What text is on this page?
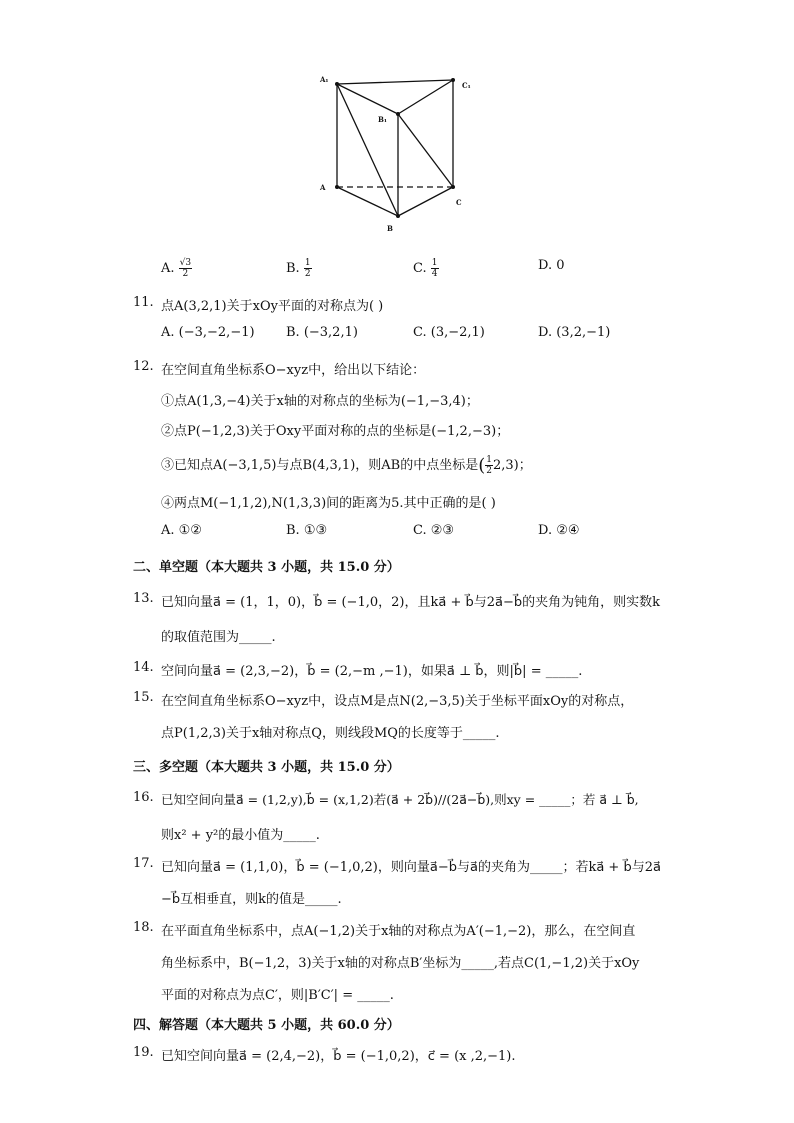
A₁
C₁
B₁
A
C
B
A. $\frac{√3}{2}$	B. $\frac{1}{2}$	C. $\frac{1}{4}$	D. 0
11. 点A(3,2,1)关于xOy平面的对称点为( )
A. (−3,−2,−1) B. (−3,2,1)	C. (3,−2,1)	D. (3,2,−1)
12. 在空间直角坐标系O−xyz中，给出以下结论：
①点A(1,3,−4)关于x轴的对称点的坐标为(−1,−3,4)；
②点P(−1,2,3)关于Oxy平面对称的点的坐标是(−1,2,−3)；
③已知点A(−3,1,5)与点B(4,3,1)，则AB的中点坐标是( $\frac{1}{2} 2,3$)；
④两点M(−1,1,2),N(1,3,3)间的距离为5.其中正确的是( )
A. ①②	B. ①③	C. ②③	D. ②④
二、单空题（本大题共 3 小题，共 15.0 分）
13. 已知向量a⃗ = (1，1，0)，b⃗ = (−1,0，2)，且ka⃗ + b⃗与2a⃗−b⃗的夹角为钝角，则实数k
的取值范围为_____.
14. 空间向量a⃗ = (2,3,−2)，b⃗ = (2,−m ,−1)，如果a⃗ ⊥ b⃗，则|b⃗| = _____.
15. 在空间直角坐标系O−xyz中，设点M是点N(2,−3,5)关于坐标平面xOy的对称点，
点P(1,2,3)关于x轴对称点Q，则线段MQ的长度等于_____.
三、多空题（本大题共 3 小题，共 15.0 分）
16. 已知空间向量a⃗ = (1,2,y),b⃗ = (x,1,2)若(a⃗ + 2b⃗)//(2a⃗−b⃗),则xy = _____；若 a⃗ ⊥ b⃗,
则x² + y²的最小值为_____.
17. 已知向量a⃗ = (1,1,0)，b⃗ = (−1,0,2)，则向量a⃗−b⃗与a⃗的夹角为_____；若ka⃗ + b⃗与2a⃗
−b⃗互相垂直，则k的值是_____.
18. 在平面直角坐标系中，点A(−1,2)关于x轴的对称点为A′(−1,−2)，那么，在空间直
角坐标系中，B(−1,2，3)关于x轴的对称点B′坐标为_____,若点C(1,−1,2)关于xOy
平面的对称点为点C′，则|B′C′| = _____.
四、解答题（本大题共 5 小题，共 60.0 分）
19. 已知空间向量a⃗ = (2,4,−2)，b⃗ = (−1,0,2)，c⃗ = (x ,2,−1).
